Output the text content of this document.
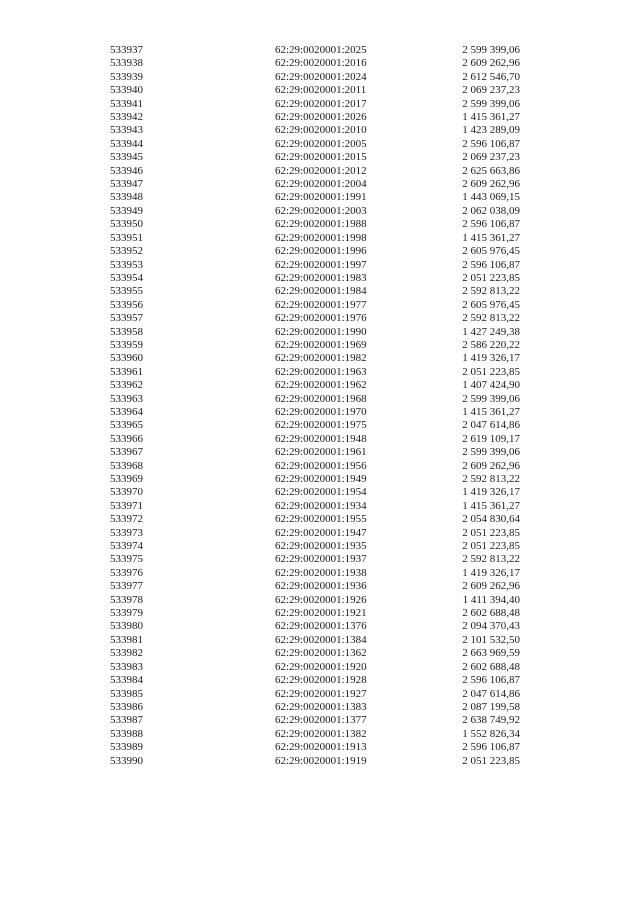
533937	62:29:0020001:2025	2 599 399,06
533938	62:29:0020001:2016	2 609 262,96
533939	62:29:0020001:2024	2 612 546,70
533940	62:29:0020001:2011	2 069 237,23
533941	62:29:0020001:2017	2 599 399,06
533942	62:29:0020001:2026	1 415 361,27
533943	62:29:0020001:2010	1 423 289,09
533944	62:29:0020001:2005	2 596 106,87
533945	62:29:0020001:2015	2 069 237,23
533946	62:29:0020001:2012	2 625 663,86
533947	62:29:0020001:2004	2 609 262,96
533948	62:29:0020001:1991	1 443 069,15
533949	62:29:0020001:2003	2 062 038,09
533950	62:29:0020001:1988	2 596 106,87
533951	62:29:0020001:1998	1 415 361,27
533952	62:29:0020001:1996	2 605 976,45
533953	62:29:0020001:1997	2 596 106,87
533954	62:29:0020001:1983	2 051 223,85
533955	62:29:0020001:1984	2 592 813,22
533956	62:29:0020001:1977	2 605 976,45
533957	62:29:0020001:1976	2 592 813,22
533958	62:29:0020001:1990	1 427 249,38
533959	62:29:0020001:1969	2 586 220,22
533960	62:29:0020001:1982	1 419 326,17
533961	62:29:0020001:1963	2 051 223,85
533962	62:29:0020001:1962	1 407 424,90
533963	62:29:0020001:1968	2 599 399,06
533964	62:29:0020001:1970	1 415 361,27
533965	62:29:0020001:1975	2 047 614,86
533966	62:29:0020001:1948	2 619 109,17
533967	62:29:0020001:1961	2 599 399,06
533968	62:29:0020001:1956	2 609 262,96
533969	62:29:0020001:1949	2 592 813,22
533970	62:29:0020001:1954	1 419 326,17
533971	62:29:0020001:1934	1 415 361,27
533972	62:29:0020001:1955	2 054 830,64
533973	62:29:0020001:1947	2 051 223,85
533974	62:29:0020001:1935	2 051 223,85
533975	62:29:0020001:1937	2 592 813,22
533976	62:29:0020001:1938	1 419 326,17
533977	62:29:0020001:1936	2 609 262,96
533978	62:29:0020001:1926	1 411 394,40
533979	62:29:0020001:1921	2 602 688,48
533980	62:29:0020001:1376	2 094 370,43
533981	62:29:0020001:1384	2 101 532,50
533982	62:29:0020001:1362	2 663 969,59
533983	62:29:0020001:1920	2 602 688,48
533984	62:29:0020001:1928	2 596 106,87
533985	62:29:0020001:1927	2 047 614,86
533986	62:29:0020001:1383	2 087 199,58
533987	62:29:0020001:1377	2 638 749,92
533988	62:29:0020001:1382	1 552 826,34
533989	62:29:0020001:1913	2 596 106,87
533990	62:29:0020001:1919	2 051 223,85
